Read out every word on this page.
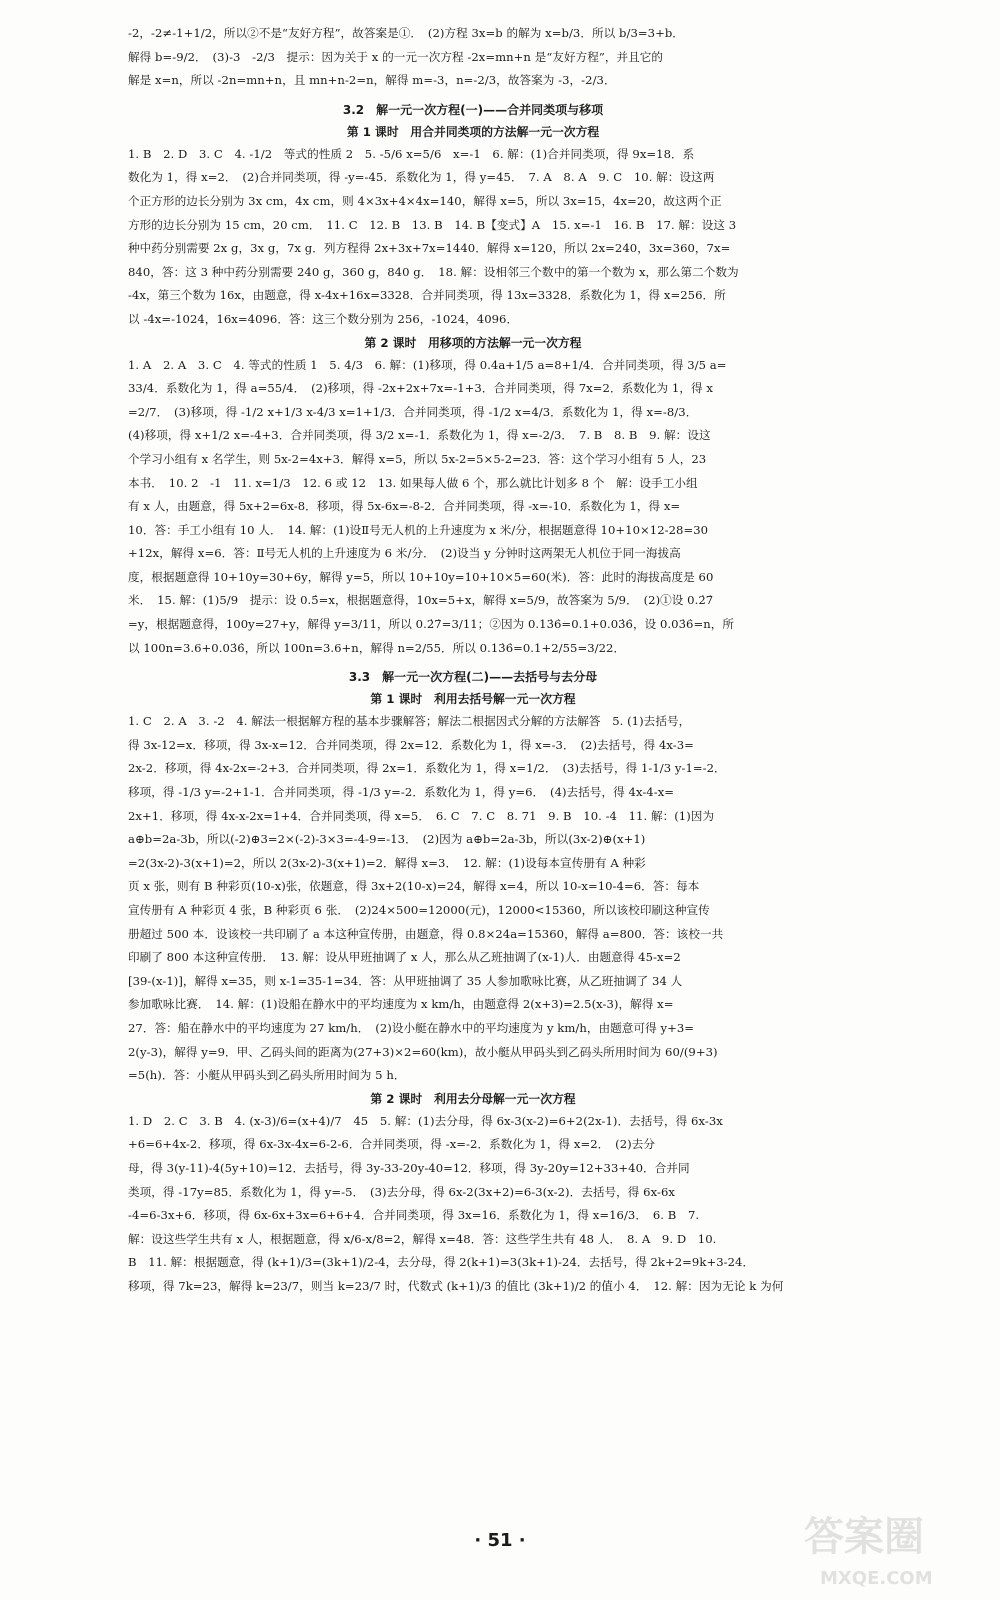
-2，-2≠-1+1/2，所以②不是“友好方程”，故答案是①．　(2)方程 3x=b 的解为 x=b/3．所以 b/3=3+b．
解得 b=-9/2．　(3)-3　-2/3　提示：因为关于 x 的一元一次方程 -2x=mn+n 是“友好方程”，并且它的
解是 x=n，所以 -2n=mn+n，且 mn+n-2=n，解得 m=-3，n=-2/3，故答案为 -3，-2/3．
3.2　解一元一次方程(一)——合并同类项与移项
第 1 课时　用合并同类项的方法解一元一次方程
1. B　2. D　3. C　4. -1/2　等式的性质 2　5. -5/6 x=5/6　x=-1　6. 解：(1)合并同类项，得 9x=18．系
数化为 1，得 x=2．　(2)合并同类项，得 -y=-45．系数化为 1，得 y=45．　7. A　8. A　9. C　10. 解：设这两
个正方形的边长分别为 3x cm，4x cm，则 4×3x+4×4x=140，解得 x=5，所以 3x=15，4x=20，故这两个正
方形的边长分别为 15 cm，20 cm．　11. C　12. B　13. B　14. B【变式】A　15. x=-1　16. B　17. 解：设这 3
种中药分别需要 2x g，3x g，7x g．列方程得 2x+3x+7x=1440．解得 x=120，所以 2x=240，3x=360，7x=
840，答：这 3 种中药分别需要 240 g，360 g，840 g．　18. 解：设相邻三个数中的第一个数为 x，那么第二个数为
-4x，第三个数为 16x，由题意，得 x-4x+16x=3328．合并同类项，得 13x=3328．系数化为 1，得 x=256．所
以 -4x=-1024，16x=4096．答：这三个数分别为 256，-1024，4096．
第 2 课时　用移项的方法解一元一次方程
1. A　2. A　3. C　4. 等式的性质 1　5. 4/3　6. 解：(1)移项，得 0.4a+1/5 a=8+1/4．合并同类项，得 3/5 a=
33/4．系数化为 1，得 a=55/4．　(2)移项，得 -2x+2x+7x=-1+3．合并同类项，得 7x=2．系数化为 1，得 x
=2/7．　(3)移项，得 -1/2 x+1/3 x-4/3 x=1+1/3．合并同类项，得 -1/2 x=4/3．系数化为 1，得 x=-8/3．
(4)移项，得 x+1/2 x=-4+3．合并同类项，得 3/2 x=-1．系数化为 1，得 x=-2/3．　7. B　8. B　9. 解：设这
个学习小组有 x 名学生，则 5x-2=4x+3．解得 x=5，所以 5x-2=5×5-2=23．答：这个学习小组有 5 人，23
本书．　10. 2　-1　11. x=1/3　12. 6 或 12　13. 如果每人做 6 个，那么就比计划多 8 个　解：设手工小组
有 x 人，由题意，得 5x+2=6x-8．移项，得 5x-6x=-8-2．合并同类项，得 -x=-10．系数化为 1，得 x=
10．答：手工小组有 10 人．　14. 解：(1)设Ⅱ号无人机的上升速度为 x 米/分，根据题意得 10+10×12-28=30
+12x，解得 x=6．答：Ⅱ号无人机的上升速度为 6 米/分．　(2)设当 y 分钟时这两架无人机位于同一海拔高
度，根据题意得 10+10y=30+6y，解得 y=5，所以 10+10y=10+10×5=60(米)．答：此时的海拔高度是 60
米．　15. 解：(1)5/9　提示：设 0.5̇=x，根据题意得，10x=5+x，解得 x=5/9，故答案为 5/9．　(2)①设 0.2̇7̇
=y，根据题意得，100y=27+y，解得 y=3/11，所以 0.2̇7̇=3/11；②因为 0.13̇6̇=0.1+0.03̇6̇，设 0.03̇6̇=n，所
以 100n=3.6+0.03̇6̇，所以 100n=3.6+n，解得 n=2/55．所以 0.13̇6̇=0.1+2/55=3/22．
3.3　解一元一次方程(二)——去括号与去分母
第 1 课时　利用去括号解一元一次方程
1. C　2. A　3. -2　4. 解法一根据解方程的基本步骤解答；解法二根据因式分解的方法解答　5. (1)去括号，
得 3x-12=x．移项，得 3x-x=12．合并同类项，得 2x=12．系数化为 1，得 x=-3．　(2)去括号，得 4x-3=
2x-2．移项，得 4x-2x=-2+3．合并同类项，得 2x=1．系数化为 1，得 x=1/2．　(3)去括号，得 1-1/3 y-1=-2．
移项，得 -1/3 y=-2+1-1．合并同类项，得 -1/3 y=-2．系数化为 1，得 y=6．　(4)去括号，得 4x-4-x=
2x+1．移项，得 4x-x-2x=1+4．合并同类项，得 x=5．　6. C　7. C　8. 71　9. B　10. -4　11. 解：(1)因为
a⊕b=2a-3b，所以(-2)⊕3=2×(-2)-3×3=-4-9=-13．　(2)因为 a⊕b=2a-3b，所以(3x-2)⊕(x+1)
=2(3x-2)-3(x+1)=2，所以 2(3x-2)-3(x+1)=2．解得 x=3．　12. 解：(1)设每本宣传册有 A 种彩
页 x 张，则有 B 种彩页(10-x)张，依题意，得 3x+2(10-x)=24，解得 x=4，所以 10-x=10-4=6．答：每本
宣传册有 A 种彩页 4 张，B 种彩页 6 张．　(2)24×500=12000(元)，12000<15360，所以该校印刷这种宣传
册超过 500 本．设该校一共印刷了 a 本这种宣传册，由题意，得 0.8×24a=15360，解得 a=800．答：该校一共
印刷了 800 本这种宣传册．　13. 解：设从甲班抽调了 x 人，那么从乙班抽调了(x-1)人．由题意得 45-x=2
[39-(x-1)]，解得 x=35，则 x-1=35-1=34．答：从甲班抽调了 35 人参加歌咏比赛，从乙班抽调了 34 人
参加歌咏比赛．　14. 解：(1)设船在静水中的平均速度为 x km/h，由题意得 2(x+3)=2.5(x-3)，解得 x=
27．答：船在静水中的平均速度为 27 km/h．　(2)设小艇在静水中的平均速度为 y km/h，由题意可得 y+3=
2(y-3)，解得 y=9．甲、乙码头间的距离为(27+3)×2=60(km)，故小艇从甲码头到乙码头所用时间为 60/(9+3)
=5(h)．答：小艇从甲码头到乙码头所用时间为 5 h．
第 2 课时　利用去分母解一元一次方程
1. D　2. C　3. B　4. (x-3)/6=(x+4)/7　45　5. 解：(1)去分母，得 6x-3(x-2)=6+2(2x-1)．去括号，得 6x-3x
+6=6+4x-2．移项，得 6x-3x-4x=6-2-6．合并同类项，得 -x=-2．系数化为 1，得 x=2．　(2)去分
母，得 3(y-11)-4(5y+10)=12．去括号，得 3y-33-20y-40=12．移项，得 3y-20y=12+33+40．合并同
类项，得 -17y=85．系数化为 1，得 y=-5．　(3)去分母，得 6x-2(3x+2)=6-3(x-2)．去括号，得 6x-6x
-4=6-3x+6．移项，得 6x-6x+3x=6+6+4．合并同类项，得 3x=16．系数化为 1，得 x=16/3．　6. B　7.
解：设这些学生共有 x 人，根据题意，得 x/6-x/8=2，解得 x=48．答：这些学生共有 48 人．　8. A　9. D　10.
B　11. 解：根据题意，得 (k+1)/3=(3k+1)/2-4，去分母，得 2(k+1)=3(3k+1)-24．去括号，得 2k+2=9k+3-24．
移项，得 7k=23，解得 k=23/7，则当 k=23/7 时，代数式 (k+1)/3 的值比 (3k+1)/2 的值小 4．　12. 解：因为无论 k 为何
· 51 ·	答案圈
MXQE.COM
